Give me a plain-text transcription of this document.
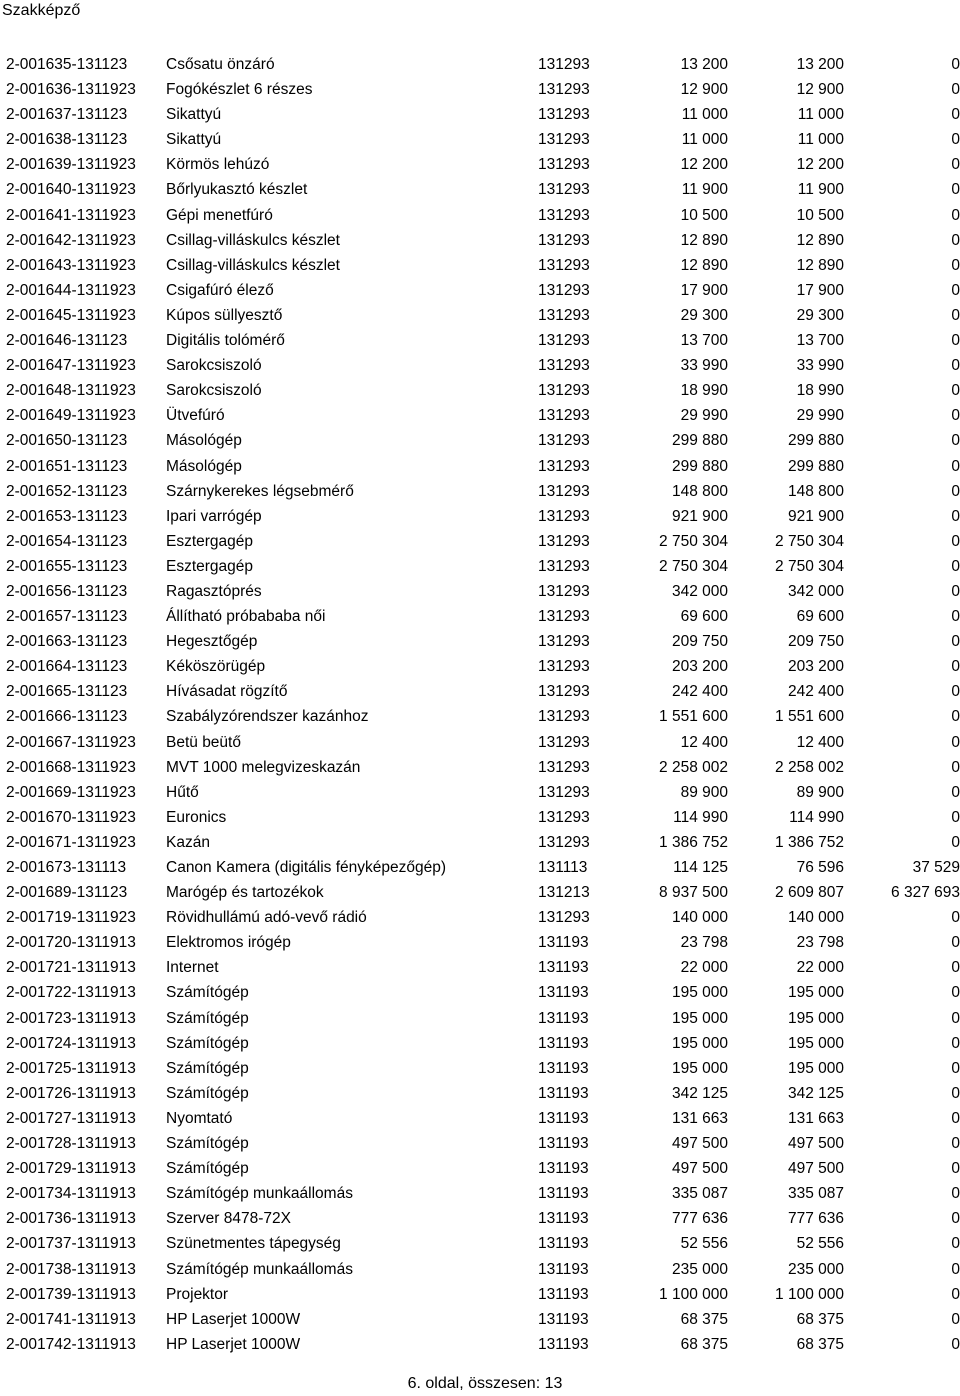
Szakképző
2-001635-131123	Csősatu önzáró	131293	13 200	13 200	0
2-001636-1311923 Fogókészlet 6 részes	131293	12 900	12 900	0
2-001637-131123	Sikattyú	131293	11 000	11 000	0
2-001638-131123	Sikattyú	131293	11 000	11 000	0
2-001639-1311923 Körmös lehúzó	131293	12 200	12 200	0
2-001640-1311923 Bőrlyukasztó készlet	131293	11 900	11 900	0
2-001641-1311923 Gépi menetfúró	131293	10 500	10 500	0
2-001642-1311923 Csillag-villáskulcs készlet	131293	12 890	12 890	0
2-001643-1311923 Csillag-villáskulcs készlet	131293	12 890	12 890	0
2-001644-1311923 Csigafúró élező	131293	17 900	17 900	0
2-001645-1311923 Kúpos süllyesztő	131293	29 300	29 300	0
2-001646-131123	Digitális tolómérő	131293	13 700	13 700	0
2-001647-1311923 Sarokcsiszoló	131293	33 990	33 990	0
2-001648-1311923 Sarokcsiszoló	131293	18 990	18 990	0
2-001649-1311923 Ütvefúró	131293	29 990	29 990	0
2-001650-131123	Másológép	131293	299 880	299 880	0
2-001651-131123	Másológép	131293	299 880	299 880	0
2-001652-131123	Szárnykerekes légsebmérő	131293	148 800	148 800	0
2-001653-131123	Ipari varrógép	131293	921 900	921 900	0
2-001654-131123	Esztergagép	131293	2 750 304	2 750 304	0
2-001655-131123	Esztergagép	131293	2 750 304	2 750 304	0
2-001656-131123	Ragasztóprés	131293	342 000	342 000	0
2-001657-131123	Állítható próbababa női	131293	69 600	69 600	0
2-001663-131123	Hegesztőgép	131293	209 750	209 750	0
2-001664-131123	Kéköszörügép	131293	203 200	203 200	0
2-001665-131123	Hívásadat rögzítő	131293	242 400	242 400	0
2-001666-131123	Szabályzórendszer kazánhoz	131293	1 551 600	1 551 600	0
2-001667-1311923 Betü beütő	131293	12 400	12 400	0
2-001668-1311923 MVT 1000 melegvizeskazán	131293	2 258 002	2 258 002	0
2-001669-1311923 Hűtő	131293	89 900	89 900	0
2-001670-1311923 Euronics	131293	114 990	114 990	0
2-001671-1311923 Kazán	131293	1 386 752	1 386 752	0
2-001673-131113	Canon Kamera (digitális fényképezőgép)	131113	114 125	76 596	37 529
2-001689-131123	Marógép és tartozékok	131213	8 937 500	2 609 807	6 327 693
2-001719-1311923 Rövidhullámú adó-vevő rádió	131293	140 000	140 000	0
2-001720-1311913 Elektromos irógép	131193	23 798	23 798	0
2-001721-1311913 Internet	131193	22 000	22 000	0
2-001722-1311913 Számítógép	131193	195 000	195 000	0
2-001723-1311913 Számítógép	131193	195 000	195 000	0
2-001724-1311913 Számítógép	131193	195 000	195 000	0
2-001725-1311913 Számítógép	131193	195 000	195 000	0
2-001726-1311913 Számítógép	131193	342 125	342 125	0
2-001727-1311913 Nyomtató	131193	131 663	131 663	0
2-001728-1311913 Számítógép	131193	497 500	497 500	0
2-001729-1311913 Számítógép	131193	497 500	497 500	0
2-001734-1311913 Számítógép munkaállomás	131193	335 087	335 087	0
2-001736-1311913 Szerver 8478-72X	131193	777 636	777 636	0
2-001737-1311913 Szünetmentes tápegység	131193	52 556	52 556	0
2-001738-1311913 Számítógép munkaállomás	131193	235 000	235 000	0
2-001739-1311913 Projektor	131193	1 100 000	1 100 000	0
2-001741-1311913 HP Laserjet 1000W	131193	68 375	68 375	0
2-001742-1311913 HP Laserjet 1000W	131193	68 375	68 375	0
6. oldal, összesen: 13
